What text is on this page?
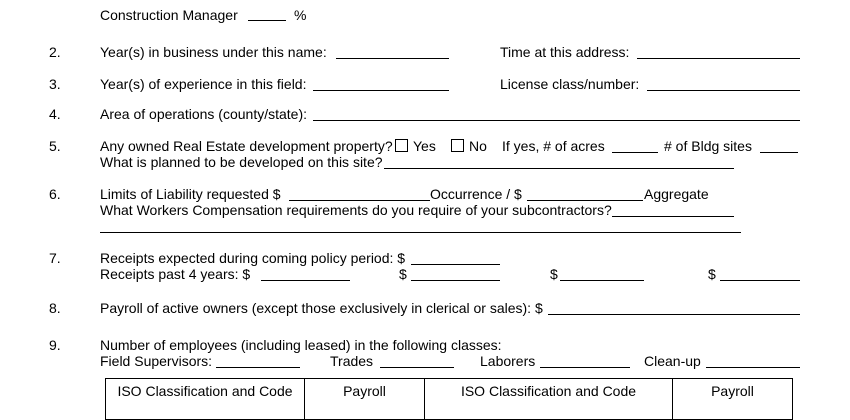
Construction Manager	%
2.	Year(s) in business under this name:	Time at this address:
3.	Year(s) of experience in this field:	License class/number:
4.	Area of operations (county/state):
5.	Any owned Real Estate development property? Yes No If yes, # of acres	# of Bldg sites
What is planned to be developed on this site?
6.	Limits of Liability requested $	Occurrence / $	Aggregate
What Workers Compensation requirements do you require of your subcontractors?
7.	Receipts expected during coming policy period: $
Receipts past 4 years: $	$	$	$
8.	Payroll of active owners (except those exclusively in clerical or sales): $
9.	Number of employees (including leased) in the following classes:
Field Supervisors:	Trades	Laborers	Clean-up
ISO Classification and Code	Payroll	ISO Classification and Code	Payroll
